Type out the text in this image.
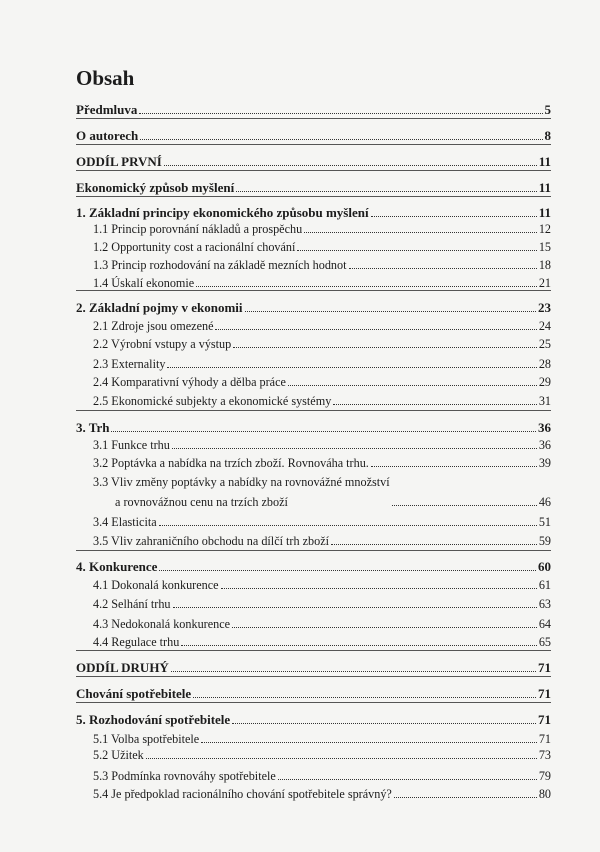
Obsah
Předmluva	5
O autorech	8
ODDÍL PRVNÍ	11
Ekonomický způsob myšlení	11
1. Základní principy ekonomického způsobu myšlení	11
1.1 Princip porovnání nákladů a prospěchu	12
1.2 Opportunity cost a racionální chování	15
1.3 Princip rozhodování na základě mezních hodnot	18
1.4 Úskalí ekonomie	21
2. Základní pojmy v ekonomii	23
2.1 Zdroje jsou omezené	24
2.2 Výrobní vstupy a výstup	25
2.3 Externality	28
2.4 Komparativní výhody a dělba práce	29
2.5 Ekonomické subjekty a ekonomické systémy	31
3. Trh	36
3.1 Funkce trhu	36
3.2 Poptávka a nabídka na trzích zboží. Rovnováha trhu.	39
3.3 Vliv změny poptávky a nabídky na rovnovážné množství
a rovnovážnou cenu na trzích zboží	46
3.4 Elasticita	51
3.5 Vliv zahraničního obchodu na dílčí trh zboží	59
4. Konkurence	60
4.1 Dokonalá konkurence	61
4.2 Selhání trhu	63
4.3 Nedokonalá konkurence	64
4.4 Regulace trhu	65
ODDÍL DRUHÝ	71
Chování spotřebitele	71
5. Rozhodování spotřebitele	71
5.1 Volba spotřebitele	71
5.2 Užitek	73
5.3 Podmínka rovnováhy spotřebitele	79
5.4 Je předpoklad racionálního chování spotřebitele správný?	80
